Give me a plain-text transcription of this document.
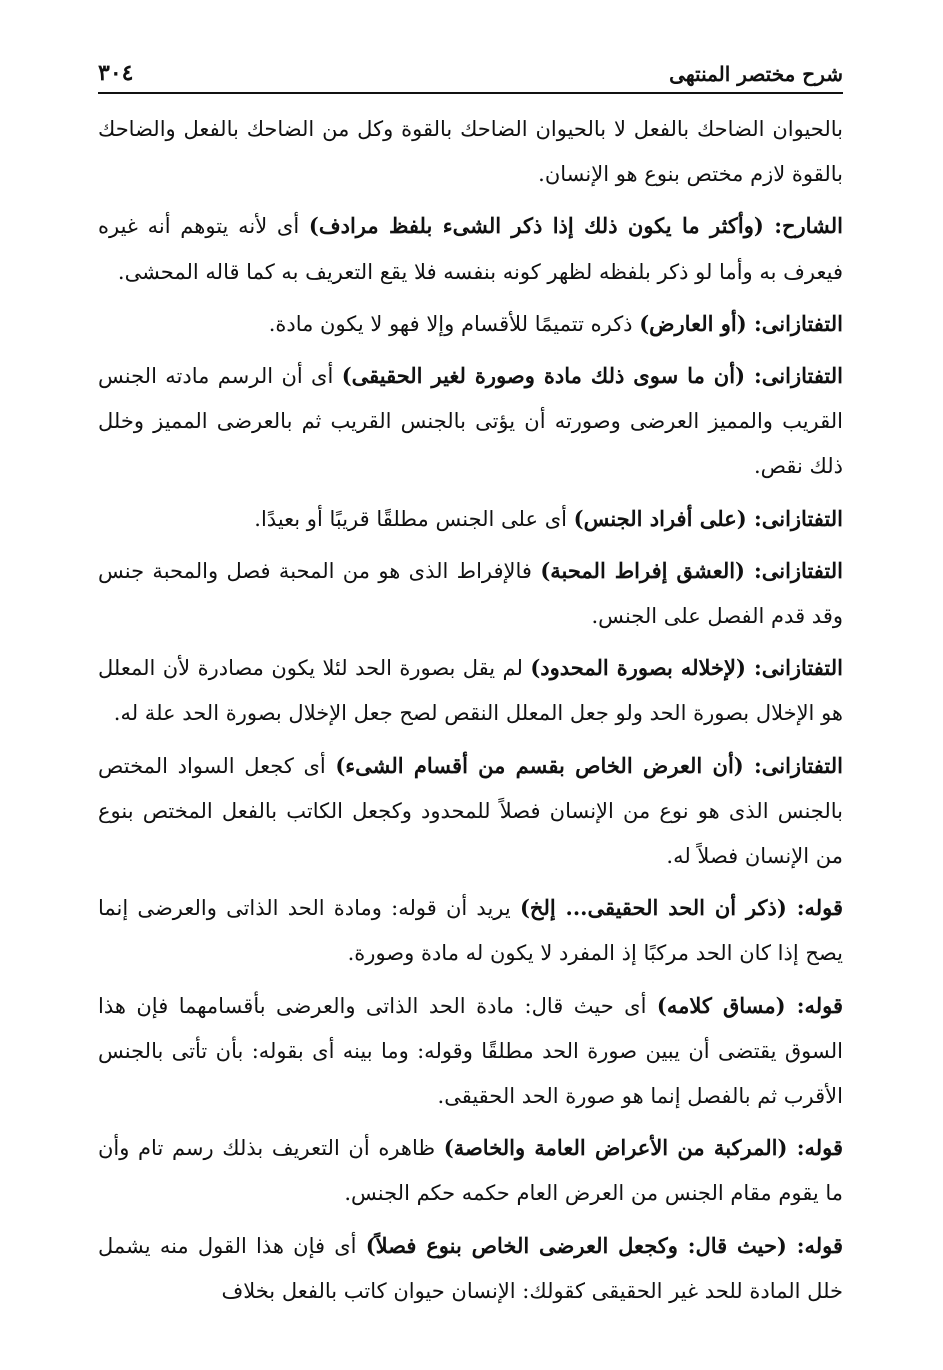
شرح مختصر المنتهى
٣٠٤

بالحيوان الضاحك بالفعل لا بالحيوان الضاحك بالقوة وكل من الضاحك بالفعل والضاحك بالقوة لازم مختص بنوع هو الإنسان.

الشارح: (وأكثر ما يكون ذلك إذا ذكر الشىء بلفظ مرادف) أى لأنه يتوهم أنه غيره فيعرف به وأما لو ذكر بلفظه لظهر كونه بنفسه فلا يقع التعريف به كما قاله المحشى.

التفتازانى: (أو العارض) ذكره تتميمًا للأقسام وإلا فهو لا يكون مادة.

التفتازانى: (أن ما سوى ذلك مادة وصورة لغير الحقيقى) أى أن الرسم مادته الجنس القريب والمميز العرضى وصورته أن يؤتى بالجنس القريب ثم بالعرضى المميز وخلل ذلك نقص.

التفتازانى: (على أفراد الجنس) أى على الجنس مطلقًا قريبًا أو بعيدًا.

التفتازانى: (العشق إفراط المحبة) فالإفراط الذى هو من المحبة فصل والمحبة جنس وقد قدم الفصل على الجنس.

التفتازانى: (لإخلاله بصورة المحدود) لم يقل بصورة الحد لئلا يكون مصادرة لأن المعلل هو الإخلال بصورة الحد ولو جعل المعلل النقص لصح جعل الإخلال بصورة الحد علة له.

التفتازانى: (أن العرض الخاص بقسم من أقسام الشىء) أى كجعل السواد المختص بالجنس الذى هو نوع من الإنسان فصلاً للمحدود وكجعل الكاتب بالفعل المختص بنوع من الإنسان فصلاً له.

قوله: (ذكر أن الحد الحقيقى... إلخ) يريد أن قوله: ومادة الحد الذاتى والعرضى إنما يصح إذا كان الحد مركبًا إذ المفرد لا يكون له مادة وصورة.

قوله: (مساق كلامه) أى حيث قال: مادة الحد الذاتى والعرضى بأقسامهما فإن هذا السوق يقتضى أن يبين صورة الحد مطلقًا وقوله: وما بينه أى بقوله: بأن تأتى بالجنس الأقرب ثم بالفصل إنما هو صورة الحد الحقيقى.

قوله: (المركبة من الأعراض العامة والخاصة) ظاهره أن التعريف بذلك رسم تام وأن ما يقوم مقام الجنس من العرض العام حكمه حكم الجنس.

قوله: (حيث قال: وكجعل العرضى الخاص بنوع فصلاً) أى فإن هذا القول منه يشمل خلل المادة للحد غير الحقيقى كقولك: الإنسان حيوان كاتب بالفعل بخلاف
